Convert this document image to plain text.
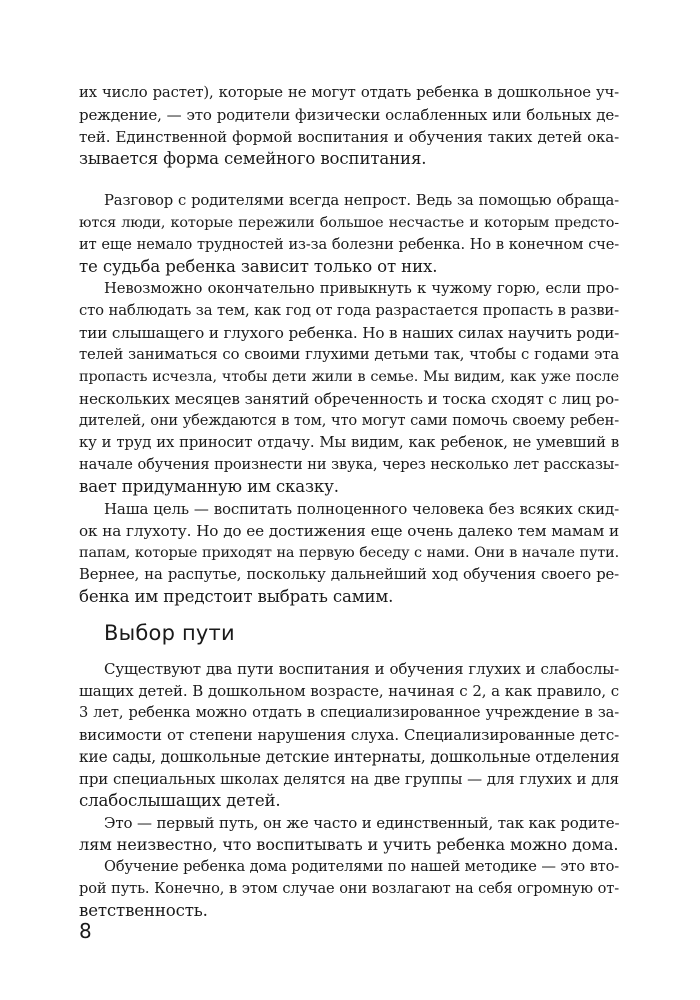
их число растет), которые не могут отдать ребенка в дошкольное уч-
реждение, — это родители физически ослабленных или больных де-
тей. Единственной формой воспитания и обучения таких детей ока-
зывается форма семейного воспитания.
Разговор с родителями всегда непрост. Ведь за помощью обраща-
ются люди, которые пережили большое несчастье и которым предсто-
ит еще немало трудностей из-за болезни ребенка. Но в конечном сче-
те судьба ребенка зависит только от них.
Невозможно окончательно привыкнуть к чужому горю, если про-
сто наблюдать за тем, как год от года разрастается пропасть в разви-
тии слышащего и глухого ребенка. Но в наших силах научить роди-
телей заниматься со своими глухими детьми так, чтобы с годами эта
пропасть исчезла, чтобы дети жили в семье. Мы видим, как уже после
нескольких месяцев занятий обреченность и тоска сходят с лиц ро-
дителей, они убеждаются в том, что могут сами помочь своему ребен-
ку и труд их приносит отдачу. Мы видим, как ребенок, не умевший в
начале обучения произнести ни звука, через несколько лет рассказы-
вает придуманную им сказку.
Наша цель — воспитать полноценного человека без всяких скид-
ок на глухоту. Но до ее достижения еще очень далеко тем мамам и
папам, которые приходят на первую беседу с нами. Они в начале пути.
Вернее, на распутье, поскольку дальнейший ход обучения своего ре-
бенка им предстоит выбрать самим.
Выбор пути
Существуют два пути воспитания и обучения глухих и слабослы-
шащих детей. В дошкольном возрасте, начиная с 2, а как правило, с
3 лет, ребенка можно отдать в специализированное учреждение в за-
висимости от степени нарушения слуха. Специализированные детс-
кие сады, дошкольные детские интернаты, дошкольные отделения
при специальных школах делятся на две группы — для глухих и для
слабослышащих детей.
Это — первый путь, он же часто и единственный, так как родите-
лям неизвестно, что воспитывать и учить ребенка можно дома.
Обучение ребенка дома родителями по нашей методике — это вто-
рой путь. Конечно, в этом случае они возлагают на себя огромную от-
ветственность.
8
